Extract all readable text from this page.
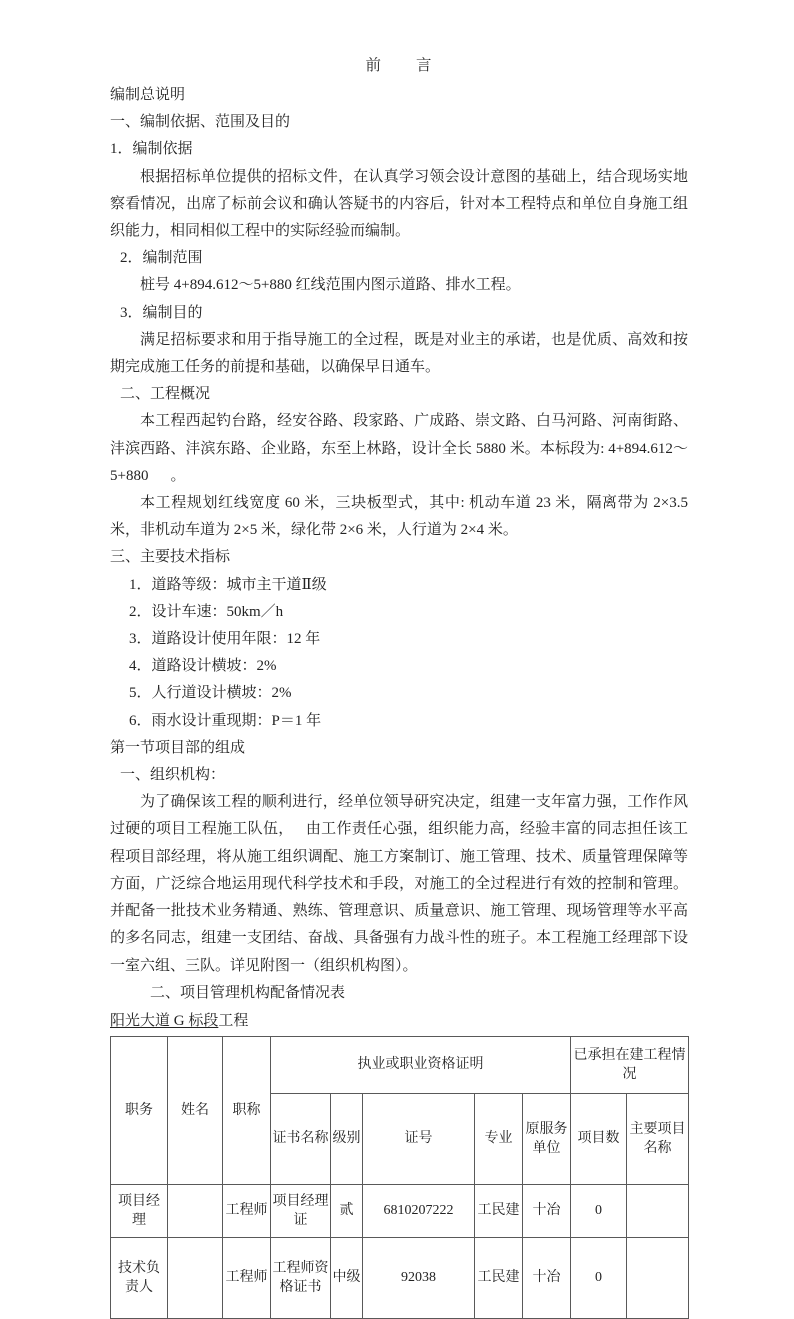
前 言

编制总说明

一、编制依据、范围及目的

1．编制依据

根据招标单位提供的招标文件，在认真学习领会设计意图的基础上，结合现场实地察看情况，出席了标前会议和确认答疑书的内容后，针对本工程特点和单位自身施工组织能力，相同相似工程中的实际经验而编制。

2．编制范围

桩号 4+894.612～5+880 红线范围内图示道路、排水工程。

3．编制目的

满足招标要求和用于指导施工的全过程，既是对业主的承诺，也是优质、高效和按期完成施工任务的前提和基础，以确保早日通车。

二、工程概况

本工程西起钓台路，经安谷路、段家路、广成路、崇文路、白马河路、河南街路、沣滨西路、沣滨东路、企业路，东至上林路，设计全长 5880 米。本标段为: 4+894.612～5+880 。

本工程规划红线宽度 60 米，三块板型式，其中: 机动车道 23 米，隔离带为 2×3.5 米，非机动车道为 2×5 米，绿化带 2×6 米，人行道为 2×4 米。

三、主要技术指标

1．道路等级：城市主干道Ⅱ级

2．设计车速：50km／h

3．道路设计使用年限：12 年

4．道路设计横坡：2%

5．人行道设计横坡：2%

6．雨水设计重现期：P＝1 年

第一节项目部的组成

一、组织机构：

为了确保该工程的顺利进行，经单位领导研究决定，组建一支年富力强，工作作风过硬的项目工程施工队伍， 由工作责任心强，组织能力高，经验丰富的同志担任该工程项目部经理，将从施工组织调配、施工方案制订、施工管理、技术、质量管理保障等方面，广泛综合地运用现代科学技术和手段，对施工的全过程进行有效的控制和管理。并配备一批技术业务精通、熟练、管理意识、质量意识、施工管理、现场管理等水平高的多名同志，组建一支团结、奋战、具备强有力战斗性的班子。本工程施工经理部下设一室六组、三队。详见附图一（组织机构图）。

二、项目管理机构配备情况表

阳光大道 G 标段工程
职务	姓名	职称	执业或职业资格证明					已承担在建工程情况	
			证书名称	级别	证号	专业	原服务单位	项目数	主要项目名称
项目经理		工程师	项目经理证	贰	6810207222	工民建	十冶	0	
技术负责人		工程师	工程师资格证书	中级	92038	工民建	十冶	0	
